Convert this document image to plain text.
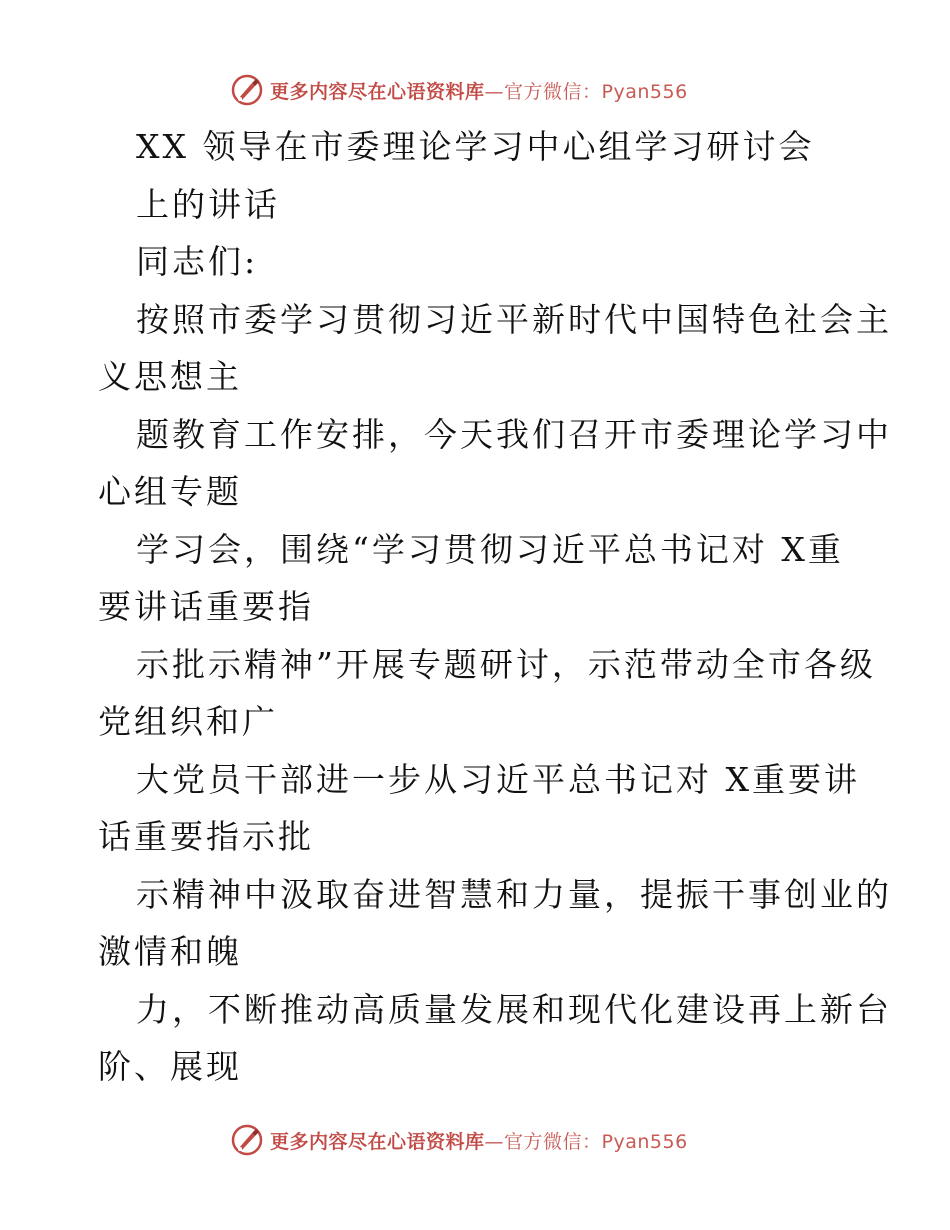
更多内容尽在心语资料库—官方微信：Pyan556
XX 领导在市委理论学习中心组学习研讨会
上的讲话
同志们:
按照市委学习贯彻习近平新时代中国特色社会主
义思想主
题教育工作安排，今天我们召开市委理论学习中
心组专题
学习会，围绕“学习贯彻习近平总书记对 X重
要讲话重要指
示批示精神”开展专题研讨，示范带动全市各级
党组织和广
大党员干部进一步从习近平总书记对 X重要讲
话重要指示批
示精神中汲取奋进智慧和力量，提振干事创业的
激情和魄
力，不断推动高质量发展和现代化建设再上新台
阶、展现
更多内容尽在心语资料库—官方微信：Pyan556
